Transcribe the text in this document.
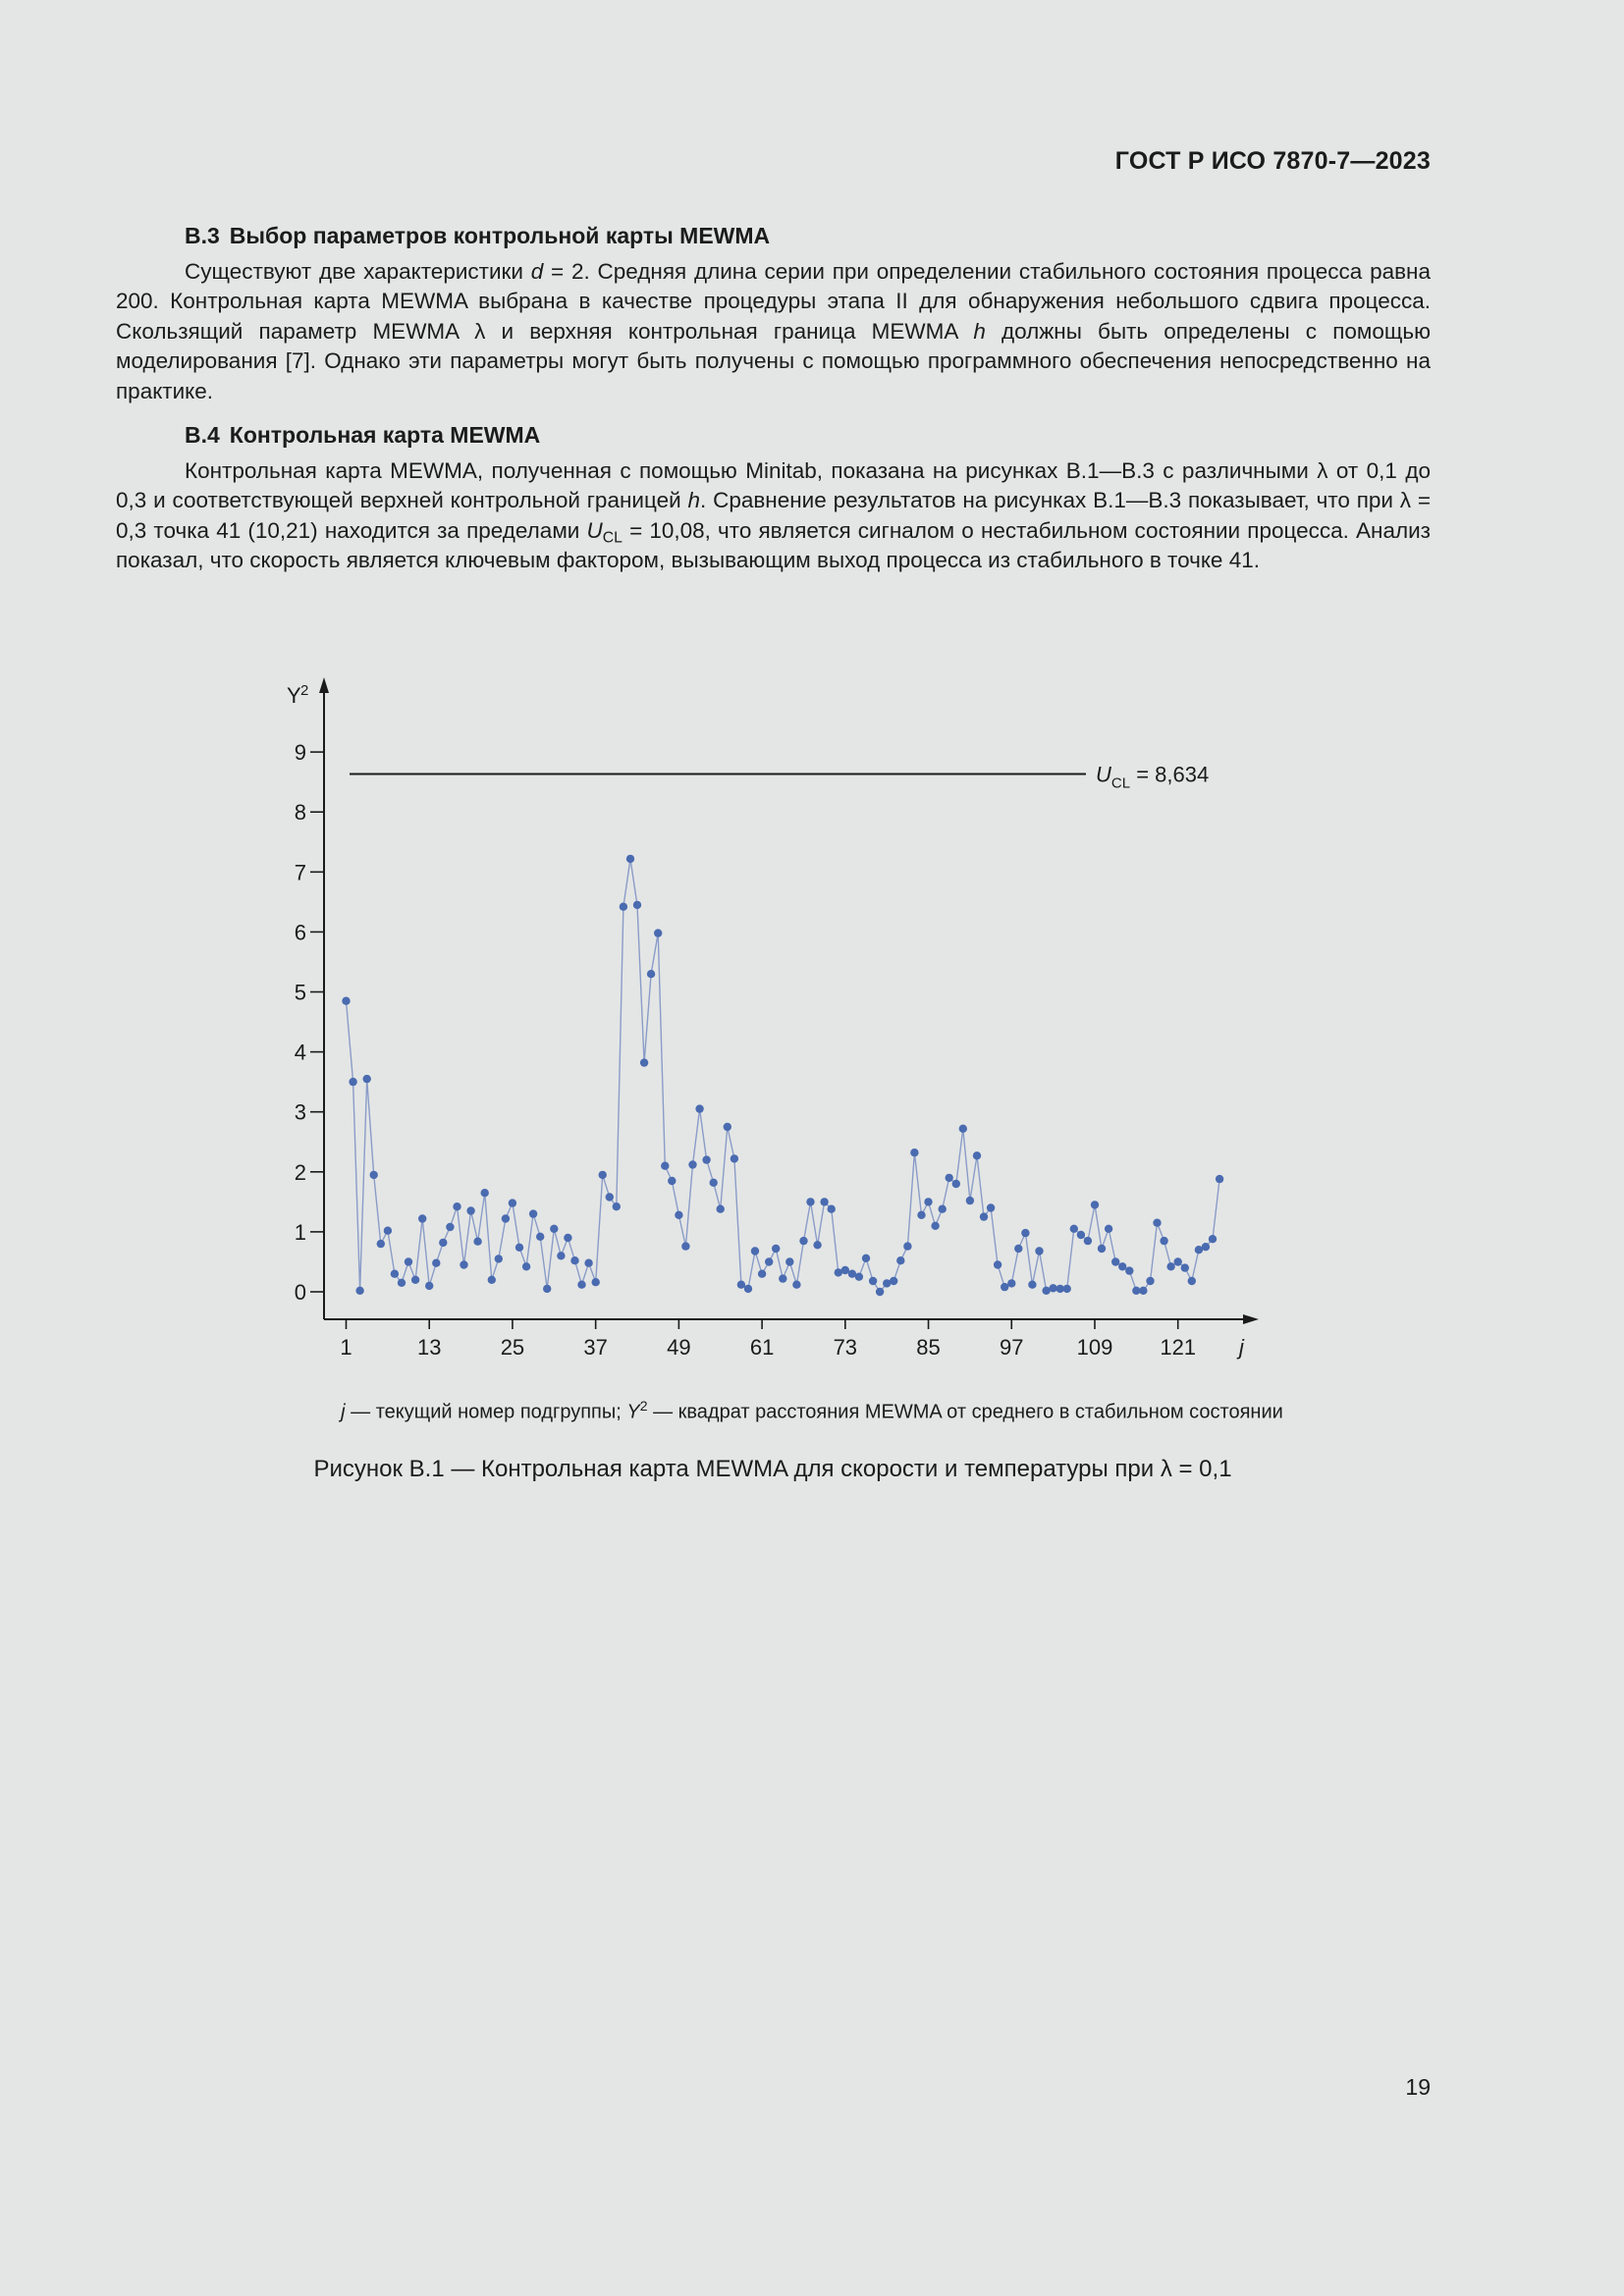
ГОСТ Р ИСО 7870-7—2023
В.3 Выбор параметров контрольной карты MEWMA

Существуют две характеристики d = 2. Средняя длина серии при определении стабильного состояния процесса равна 200. Контрольная карта MEWMA выбрана в качестве процедуры этапа II для обнаружения небольшого сдвига процесса. Скользящий параметр MEWMA λ и верхняя контрольная граница MEWMA h должны быть определены с помощью моделирования [7]. Однако эти параметры могут быть получены с помощью программного обеспечения непосредственно на практике.

В.4 Контрольная карта MEWMA

Контрольная карта MEWMA, полученная с помощью Minitab, показана на рисунках В.1—В.3 с различными λ от 0,1 до 0,3 и соответствующей верхней контрольной границей h. Сравнение результатов на рисунках В.1—В.3 показывает, что при λ = 0,3 точка 41 (10,21) находится за пределами $U_{CL} = 10,08$, что является сигналом о нестабильном состоянии процесса. Анализ показал, что скорость является ключевым фактором, вызывающим выход процесса из стабильного в точке 41.

0
1
2
3
4
5
6
7
8
9
Y 2
1	13	25	37	49	61	73	85	97 109 121 j
$U_{CL} = 8,634$
j — текущий номер подгруппы; $Y^2$ — квадрат расстояния MEWMA от среднего в стабильном состоянии
Рисунок В.1 — Контрольная карта MEWMA для скорости и температуры при λ = 0,1
19
